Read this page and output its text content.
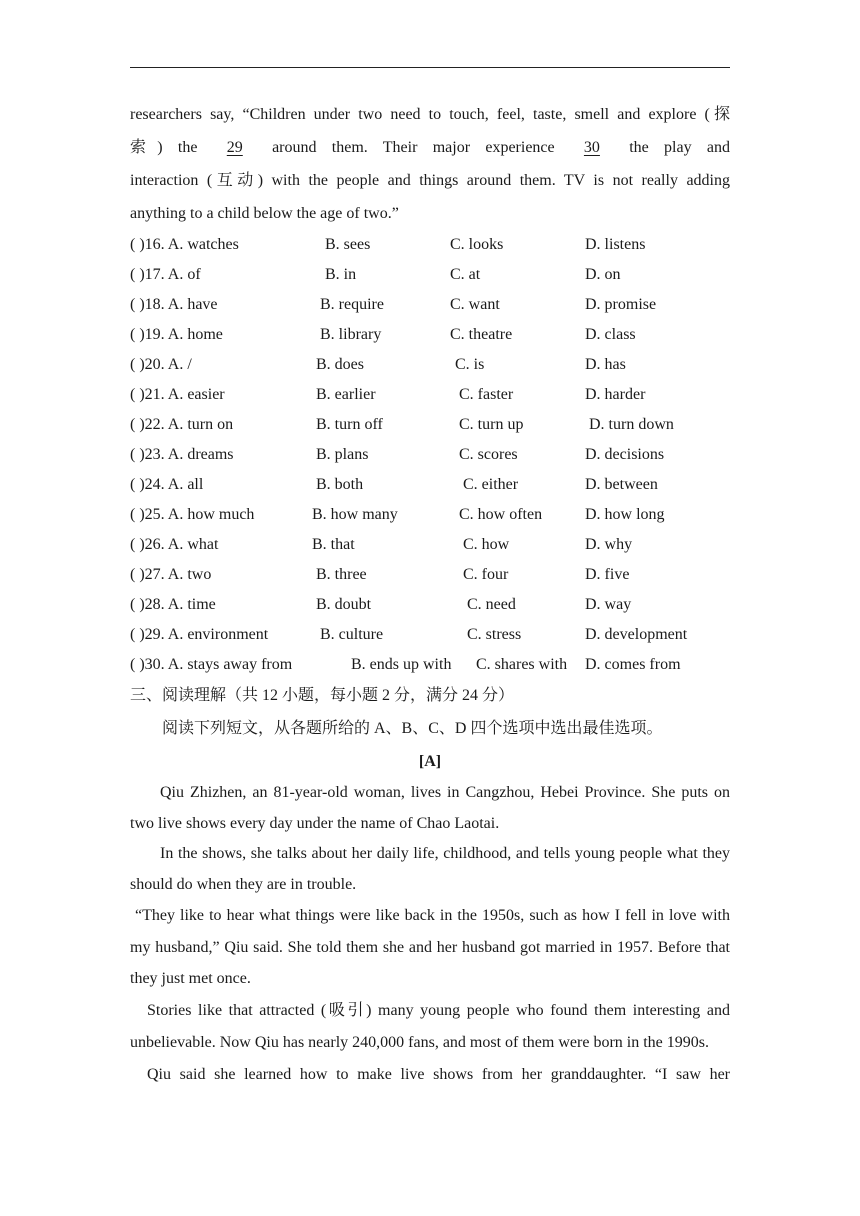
researchers say, “Children under two need to touch, feel, taste, smell and explore (探
索) the 29 around them. Their major experience 30 the play and
interaction (互动) with the people and things around them. TV is not really adding
anything to a child below the age of two.”
( )16. A. watches	B. sees	C. looks	D. listens
( )17. A. of	B. in	C. at	D. on
( )18. A. have	B. require	C. want	D. promise
( )19. A. home	B. library	C. theatre	D. class
( )20. A. /	B. does	C. is	D. has
( )21. A. easier	B. earlier	C. faster	D. harder
( )22. A. turn on	B. turn off	C. turn up	D. turn down
( )23. A. dreams	B. plans	C. scores	D. decisions
( )24. A. all	B. both	C. either	D. between
( )25. A. how much	B. how many	C. how often	D. how long
( )26. A. what	B. that	C. how	D. why
( )27. A. two	B. three	C. four	D. five
( )28. A. time	B. doubt	C. need	D. way
( )29. A. environment	B. culture	C. stress	D. development
( )30. A. stays away from	B. ends up with C. shares with D. comes from
三、阅读理解（共 12 小题，每小题 2 分，满分 24 分）
阅读下列短文，从各题所给的 A、B、C、D 四个选项中选出最佳选项。
[A]

Qiu Zhizhen, an 81-year-old woman, lives in Cangzhou, Hebei Province. She puts on two live shows every day under the name of Chao Laotai.

In the shows, she talks about her daily life, childhood, and tells young people what they should do when they are in trouble.

“They like to hear what things were like back in the 1950s, such as how I fell in love with my husband,” Qiu said. She told them she and her husband got married in 1957. Before that they just met once.

Stories like that attracted (吸引) many young people who found them interesting and unbelievable. Now Qiu has nearly 240,000 fans, and most of them were born in the 1990s.

Qiu said she learned how to make live shows from her granddaughter. “I saw her
